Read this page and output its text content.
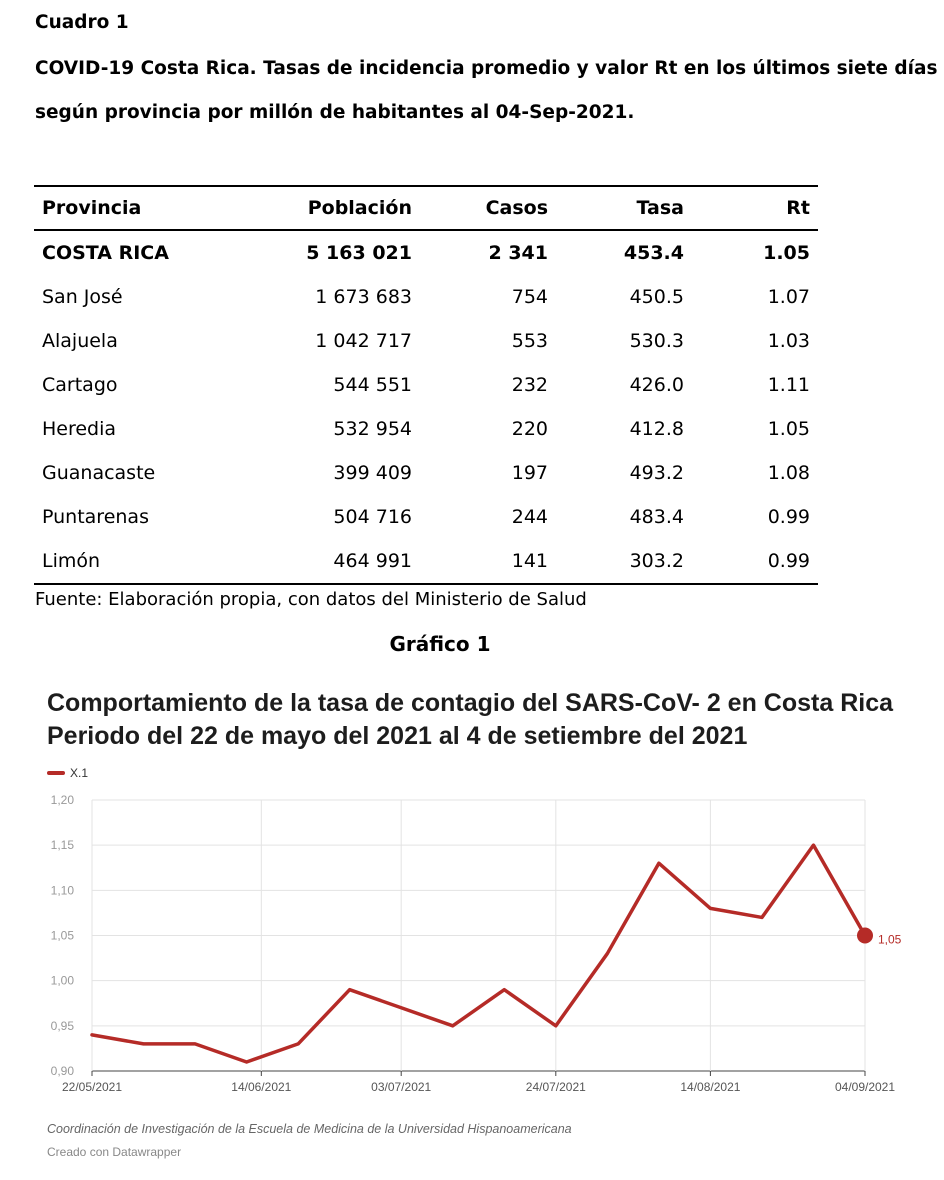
Cuadro 1
COVID-19 Costa Rica. Tasas de incidencia promedio y valor Rt en los últimos siete días
según provincia por millón de habitantes al 04-Sep-2021.
Provincia	Población	Casos	Tasa	Rt
COSTA RICA	5 163 021	2 341	453.4	1.05
San José	1 673 683	754	450.5	1.07
Alajuela	1 042 717	553	530.3	1.03
Cartago	544 551	232	426.0	1.11
Heredia	532 954	220	412.8	1.05
Guanacaste	399 409	197	493.2	1.08
Puntarenas	504 716	244	483.4	0.99
Limón	464 991	141	303.2	0.99
Fuente: Elaboración propia, con datos del Ministerio de Salud
Gráfico 1
Comportamiento de la tasa de contagio del SARS-CoV- 2 en Costa Rica
Periodo del 22 de mayo del 2021 al 4 de setiembre del 2021
X.1
1,20
1,15
1,10
1,05
1,00
0,95
0,90
22/05/2021	14/06/2021	03/07/2021	24/07/2021	14/08/2021	04/09/2021
1,05
Coordinación de Investigación de la Escuela de Medicina de la Universidad Hispanoamericana
Creado con Datawrapper
